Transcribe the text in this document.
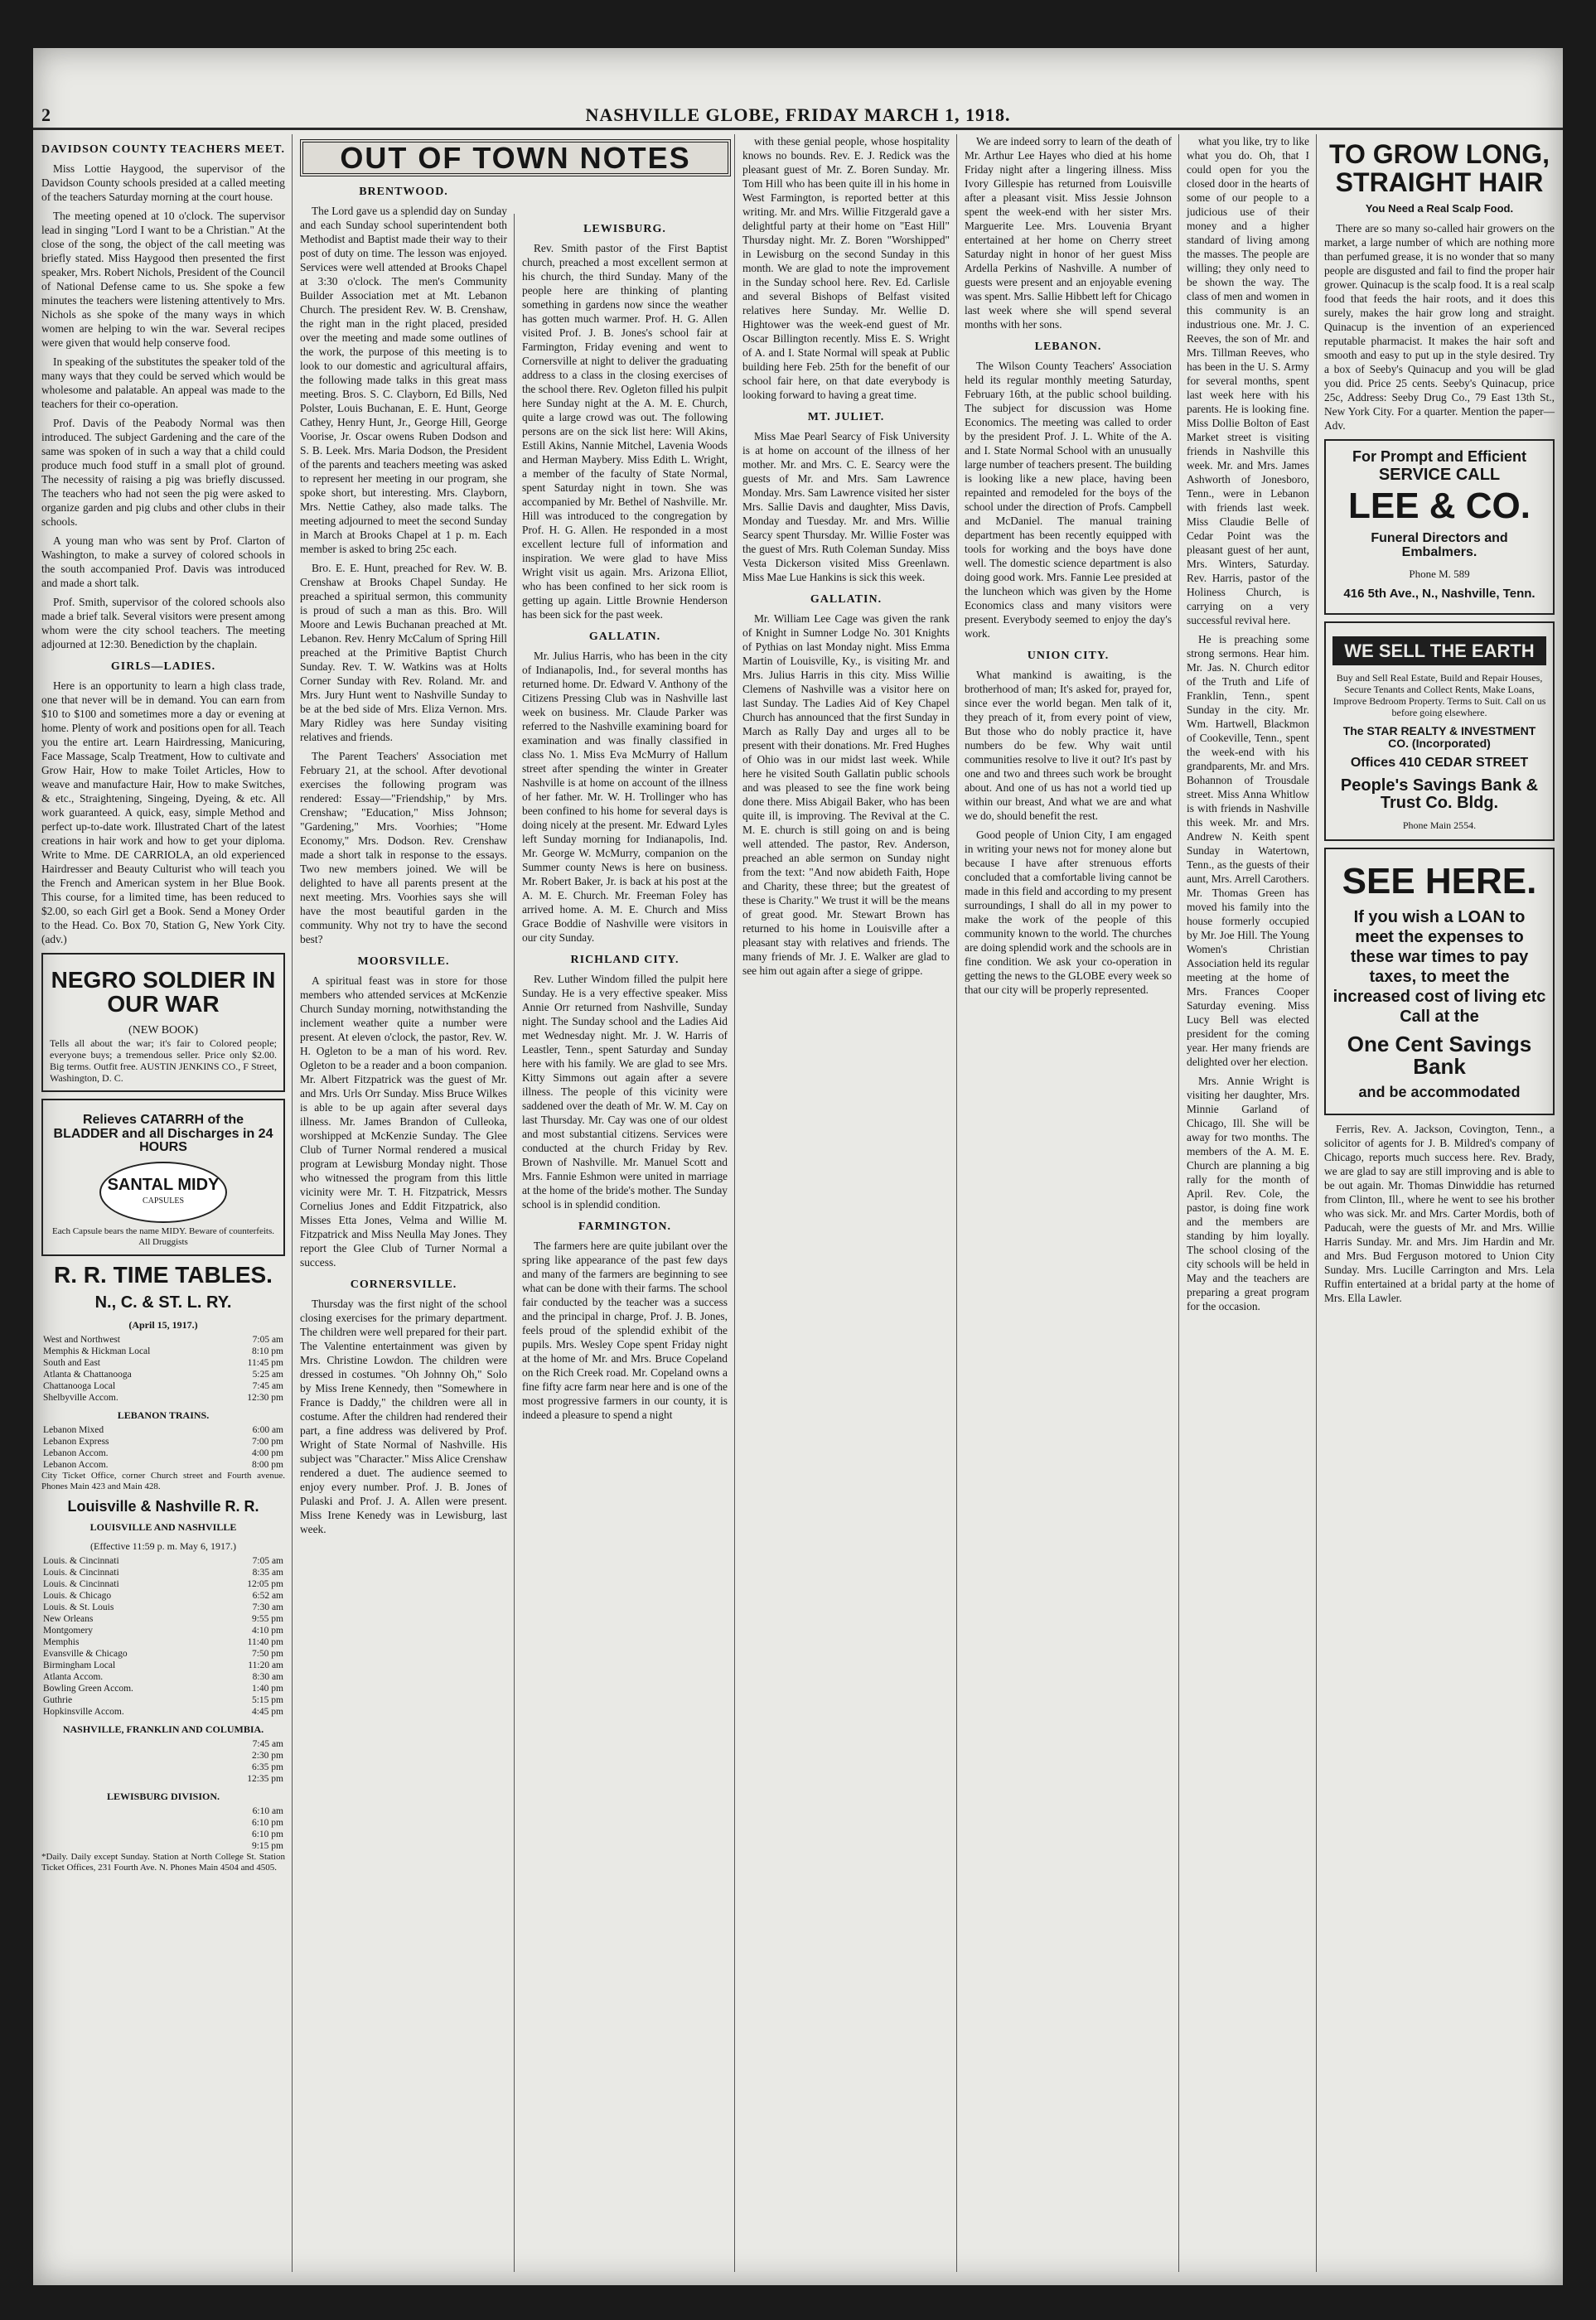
2	NASHVILLE GLOBE, FRIDAY MARCH 1, 1918.
DAVIDSON COUNTY TEACHERS MEET.

Miss Lottie Haygood, the supervisor of the Davidson County schools presided at a called meeting of the teachers Saturday morning at the court house.

The meeting opened at 10 o'clock. The supervisor lead in singing "Lord I want to be a Christian." At the close of the song, the object of the call meeting was briefly stated. Miss Haygood then presented the first speaker, Mrs. Robert Nichols, President of the Council of National Defense came to us. She spoke a few minutes the teachers were listening attentively to Mrs. Nichols as she spoke of the many ways in which women are helping to win the war. Several recipes were given that would help conserve food.

In speaking of the substitutes the speaker told of the many ways that they could be served which would be wholesome and palatable. An appeal was made to the teachers for their co-operation.

Prof. Davis of the Peabody Normal was then introduced. The subject Gardening and the care of the same was spoken of in such a way that a child could produce much food stuff in a small plot of ground. The necessity of raising a pig was briefly discussed. The teachers who had not seen the pig were asked to organize garden and pig clubs and other clubs in their schools.

A young man who was sent by Prof. Clarton of Washington, to make a survey of colored schools in the south accompanied Prof. Davis was introduced and made a short talk.

Prof. Smith, supervisor of the colored schools also made a brief talk. Several visitors were present among whom were the city school teachers. The meeting adjourned at 12:30. Benediction by the chaplain.

GIRLS—LADIES.

Here is an opportunity to learn a high class trade, one that never will be in demand. You can earn from $10 to $100 and sometimes more a day or evening at home. Plenty of work and positions open for all. Teach you the entire art. Learn Hairdressing, Manicuring, Face Massage, Scalp Treatment, How to cultivate and Grow Hair, How to make Toilet Articles, How to weave and manufacture Hair, How to make Switches, & etc., Straightening, Singeing, Dyeing, & etc. All work guaranteed. A quick, easy, simple Method and perfect up-to-date work. Illustrated Chart of the latest creations in hair work and how to get your diploma. Write to Mme. DE CARRIOLA, an old experienced Hairdresser and Beauty Culturist who will teach you the French and American system in her Blue Book. This course, for a limited time, has been reduced to $2.00, so each Girl get a Book. Send a Money Order to the Head. Co. Box 70, Station G, New York City. (adv.)

NEGRO SOLDIER IN OUR WAR
(NEW BOOK)
Tells all about the war; it's fair to Colored people; everyone buys; a tremendous seller. Price only $2.00. Big terms. Outfit free. AUSTIN JENKINS CO., F Street, Washington, D. C.
Relieves CATARRH of the BLADDER and all Discharges in 24 HOURS
SANTAL MIDY
CAPSULES
Each Capsule bears the name MIDY. Beware of counterfeits. All Druggists
R. R. TIME TABLES.
N., C. & ST. L. RY.
(April 15, 1917.)
West and Northwest	7:05 am
Memphis & Hickman Local	8:10 pm
South and East	11:45 pm
Atlanta & Chattanooga	5:25 am
Chattanooga Local	7:45 am
Shelbyville Accom.	12:30 pm
LEBANON TRAINS.
Lebanon Mixed	6:00 am
Lebanon Express	7:00 pm
Lebanon Accom.	4:00 pm
Lebanon Accom.	8:00 pm
City Ticket Office, corner Church street and Fourth avenue. Phones Main 423 and Main 428.
Louisville & Nashville R. R.
LOUISVILLE AND NASHVILLE
(Effective 11:59 p. m. May 6, 1917.)
Louis. & Cincinnati	7:05 am
Louis. & Cincinnati	8:35 am
Louis. & Cincinnati	12:05 pm
Louis. & Chicago	6:52 am
Louis. & St. Louis	7:30 am
New Orleans	9:55 pm
Montgomery	4:10 pm
Memphis	11:40 pm
Evansville & Chicago	7:50 pm
Birmingham Local	11:20 am
Atlanta Accom.	8:30 am
Bowling Green Accom.	1:40 pm
Guthrie	5:15 pm
Hopkinsville Accom.	4:45 pm
NASHVILLE, FRANKLIN AND COLUMBIA.
	7:45 am
	2:30 pm
	6:35 pm
	12:35 pm
LEWISBURG DIVISION.
	6:10 am
	6:10 pm
	6:10 pm
	9:15 pm
*Daily. Daily except Sunday. Station at North College St. Station Ticket Offices, 231 Fourth Ave. N. Phones Main 4504 and 4505.
OUT OF TOWN NOTES
BRENTWOOD.

The Lord gave us a splendid day on Sunday and each Sunday school superintendent both Methodist and Baptist made their way to their post of duty on time. The lesson was enjoyed. Services were well attended at Brooks Chapel at 3:30 o'clock. The men's Community Builder Association met at Mt. Lebanon Church. The president Rev. W. B. Crenshaw, the right man in the right placed, presided over the meeting and made some outlines of the work, the purpose of this meeting is to look to our domestic and agricultural affairs, the following made talks in this great mass meeting. Bros. S. C. Clayborn, Ed Bills, Ned Polster, Louis Buchanan, E. E. Hunt, George Cathey, Henry Hunt, Jr., George Hill, George Voorise, Jr. Oscar owens Ruben Dodson and S. B. Leek. Mrs. Maria Dodson, the President of the parents and teachers meeting was asked to represent her meeting in our program, she spoke short, but interesting. Mrs. Clayborn, Mrs. Nettie Cathey, also made talks. The meeting adjourned to meet the second Sunday in March at Brooks Chapel at 1 p. m. Each member is asked to bring 25c each.

Bro. E. E. Hunt, preached for Rev. W. B. Crenshaw at Brooks Chapel Sunday. He preached a spiritual sermon, this community is proud of such a man as this. Bro. Will Moore and Lewis Buchanan preached at Mt. Lebanon. Rev. Henry McCalum of Spring Hill preached at the Primitive Baptist Church Sunday. Rev. T. W. Watkins was at Holts Corner Sunday with Rev. Roland. Mr. and Mrs. Jury Hunt went to Nashville Sunday to be at the bed side of Mrs. Eliza Vernon. Mrs. Mary Ridley was here Sunday visiting relatives and friends.

The Parent Teachers' Association met February 21, at the school. After devotional exercises the following program was rendered: Essay—"Friendship," by Mrs. Crenshaw; "Education," Miss Johnson; "Gardening," Mrs. Voorhies; "Home Economy," Mrs. Dodson. Rev. Crenshaw made a short talk in response to the essays. Two new members joined. We will be delighted to have all parents present at the next meeting. Mrs. Voorhies says she will have the most beautiful garden in the community. Why not try to have the second best?

MOORSVILLE.

A spiritual feast was in store for those members who attended services at McKenzie Church Sunday morning, notwithstanding the inclement weather quite a number were present. At eleven o'clock, the pastor, Rev. W. H. Ogleton to be a man of his word. Rev. Ogleton to be a reader and a boon companion. Mr. Albert Fitzpatrick was the guest of Mr. and Mrs. Urls Orr Sunday. Miss Bruce Wilkes is able to be up again after several days illness. Mr. James Brandon of Culleoka, worshipped at McKenzie Sunday. The Glee Club of Turner Normal rendered a musical program at Lewisburg Monday night. Those who witnessed the program from this little vicinity were Mr. T. H. Fitzpatrick, Messrs Cornelius Jones and Eddit Fitzpatrick, also Misses Etta Jones, Velma and Willie M. Fitzpatrick and Miss Neulla May Jones. They report the Glee Club of Turner Normal a success.

CORNERSVILLE.

Thursday was the first night of the school closing exercises for the primary department. The children were well prepared for their part. The Valentine entertainment was given by Mrs. Christine Lowdon. The children were dressed in costumes. "Oh Johnny Oh," Solo by Miss Irene Kennedy, then "Somewhere in France is Daddy," the children were all in costume. After the children had rendered their part, a fine address was delivered by Prof. Wright of State Normal of Nashville. His subject was "Character." Miss Alice Crenshaw rendered a duet. The audience seemed to enjoy every number. Prof. J. B. Jones of Pulaski and Prof. J. A. Allen were present. Miss Irene Kenedy was in Lewisburg, last week.

LEWISBURG.

Rev. Smith pastor of the First Baptist church, preached a most excellent sermon at his church, the third Sunday. Many of the people here are thinking of planting something in gardens now since the weather has gotten much warmer. Prof. H. G. Allen visited Prof. J. B. Jones's school fair at Farmington, Friday evening and went to Cornersville at night to deliver the graduating address to a class in the closing exercises of the school there. Rev. Ogleton filled his pulpit here Sunday night at the A. M. E. Church, quite a large crowd was out. The following persons are on the sick list here: Will Akins, Estill Akins, Nannie Mitchel, Lavenia Woods and Herman Maybery. Miss Edith L. Wright, a member of the faculty of State Normal, spent Saturday night in town. She was accompanied by Mr. Bethel of Nashville. Mr. Hill was introduced to the congregation by Prof. H. G. Allen. He responded in a most excellent lecture full of information and inspiration. We were glad to have Miss Wright visit us again. Mrs. Arizona Elliot, who has been confined to her sick room is getting up again. Little Brownie Henderson has been sick for the past week.

GALLATIN.

Mr. Julius Harris, who has been in the city of Indianapolis, Ind., for several months has returned home. Dr. Edward V. Anthony of the Citizens Pressing Club was in Nashville last week on business. Mr. Claude Parker was referred to the Nashville examining board for examination and was finally classified in class No. 1. Miss Eva McMurry of Hallum street after spending the winter in Greater Nashville is at home on account of the illness of her father. Mr. W. H. Trollinger who has been confined to his home for several days is doing nicely at the present. Mr. Edward Lyles left Sunday morning for Indianapolis, Ind. Mr. George W. McMurry, companion on the Summer county News is here on business. Mr. Robert Baker, Jr. is back at his post at the A. M. E. Church. Mr. Freeman Foley has arrived home. A. M. E. Church and Miss Grace Boddie of Nashville were visitors in our city Sunday.

RICHLAND CITY.

Rev. Luther Windom filled the pulpit here Sunday. He is a very effective speaker. Miss Annie Orr returned from Nashville, Sunday night. The Sunday school and the Ladies Aid met Wednesday night. Mr. J. W. Harris of Leastler, Tenn., spent Saturday and Sunday here with his family. We are glad to see Mrs. Kitty Simmons out again after a severe illness. The people of this vicinity were saddened over the death of Mr. W. M. Cay on last Thursday. Mr. Cay was one of our oldest and most substantial citizens. Services were conducted at the church Friday by Rev. Brown of Nashville. Mr. Manuel Scott and Mrs. Fannie Eshmon were united in marriage at the home of the bride's mother. The Sunday school is in splendid condition.

FARMINGTON.

The farmers here are quite jubilant over the spring like appearance of the past few days and many of the farmers are beginning to see what can be done with their farms. The school fair conducted by the teacher was a success and the principal in charge, Prof. J. B. Jones, feels proud of the splendid exhibit of the pupils. Mrs. Wesley Cope spent Friday night at the home of Mr. and Mrs. Bruce Copeland on the Rich Creek road. Mr. Copeland owns a fine fifty acre farm near here and is one of the most progressive farmers in our county, it is indeed a pleasure to spend a night

with these genial people, whose hospitality knows no bounds. Rev. E. J. Redick was the pleasant guest of Mr. Z. Boren Sunday. Mr. Tom Hill who has been quite ill in his home in West Farmington, is reported better at this writing. Mr. and Mrs. Willie Fitzgerald gave a delightful party at their home on "East Hill" Thursday night. Mr. Z. Boren "Worshipped" in Lewisburg on the second Sunday in this month. We are glad to note the improvement in the Sunday school here. Rev. Ed. Carlisle and several Bishops of Belfast visited relatives here Sunday. Mr. Wellie D. Hightower was the week-end guest of Mr. Oscar Billington recently. Miss E. S. Wright of A. and I. State Normal will speak at Public building here Feb. 25th for the benefit of our school fair here, on that date everybody is looking forward to having a great time.

MT. JULIET.

Miss Mae Pearl Searcy of Fisk University is at home on account of the illness of her mother. Mr. and Mrs. C. E. Searcy were the guests of Mr. and Mrs. Sam Lawrence Monday. Mrs. Sam Lawrence visited her sister Mrs. Sallie Davis and daughter, Miss Davis, Monday and Tuesday. Mr. and Mrs. Willie Searcy spent Thursday. Mr. Willie Foster was the guest of Mrs. Ruth Coleman Sunday. Miss Vesta Dickerson visited Miss Greenlawn. Miss Mae Lue Hankins is sick this week.

GALLATIN.

Mr. William Lee Cage was given the rank of Knight in Sumner Lodge No. 301 Knights of Pythias on last Monday night. Miss Emma Martin of Louisville, Ky., is visiting Mr. and Mrs. Julius Harris in this city. Miss Willie Clemens of Nashville was a visitor here on last Sunday. The Ladies Aid of Key Chapel Church has announced that the first Sunday in March as Rally Day and urges all to be present with their donations. Mr. Fred Hughes of Ohio was in our midst last week. While here he visited South Gallatin public schools and was pleased to see the fine work being done there. Miss Abigail Baker, who has been quite ill, is improving. The Revival at the C. M. E. church is still going on and is being well attended. The pastor, Rev. Anderson, preached an able sermon on Sunday night from the text: "And now abideth Faith, Hope and Charity, these three; but the greatest of these is Charity." We trust it will be the means of great good. Mr. Stewart Brown has returned to his home in Louisville after a pleasant stay with relatives and friends. The many friends of Mr. J. E. Walker are glad to see him out again after a siege of grippe.

We are indeed sorry to learn of the death of Mr. Arthur Lee Hayes who died at his home Friday night after a lingering illness. Miss Ivory Gillespie has returned from Louisville after a pleasant visit. Miss Jessie Johnson spent the week-end with her sister Mrs. Marguerite Lee. Mrs. Louvenia Bryant entertained at her home on Cherry street Saturday night in honor of her guest Miss Ardella Perkins of Nashville. A number of guests were present and an enjoyable evening was spent. Mrs. Sallie Hibbett left for Chicago last week where she will spend several months with her sons.

LEBANON.

The Wilson County Teachers' Association held its regular monthly meeting Saturday, February 16th, at the public school building. The subject for discussion was Home Economics. The meeting was called to order by the president Prof. J. L. White of the A. and I. State Normal School with an unusually large number of teachers present. The building is looking like a new place, having been repainted and remodeled for the boys of the school under the direction of Profs. Campbell and McDaniel. The manual training department has been recently equipped with tools for working and the boys have done well. The domestic science department is also doing good work. Mrs. Fannie Lee presided at the luncheon which was given by the Home Economics class and many visitors were present. Everybody seemed to enjoy the day's work.

UNION CITY.

What mankind is awaiting, is the brotherhood of man; It's asked for, prayed for, since ever the world began. Men talk of it, they preach of it, from every point of view, But those who do nobly practice it, have numbers do be few. Why wait until communities resolve to live it out? It's past by one and two and threes such work be brought about. And one of us has not a world tied up within our breast, And what we are and what we do, should benefit the rest.

Good people of Union City, I am engaged in writing your news not for money alone but because I have after strenuous efforts concluded that a comfortable living cannot be made in this field and according to my present surroundings, I shall do all in my power to make the work of the people of this community known to the world. The churches are doing splendid work and the schools are in fine condition. We ask your co-operation in getting the news to the GLOBE every week so that our city will be properly represented.

what you like, try to like what you do. Oh, that I could open for you the closed door in the hearts of some of our people to a judicious use of their money and a higher standard of living among the masses. The people are willing; they only need to be shown the way. The class of men and women in this community is an industrious one. Mr. J. C. Reeves, the son of Mr. and Mrs. Tillman Reeves, who has been in the U. S. Army for several months, spent last week here with his parents. He is looking fine. Miss Dollie Bolton of East Market street is visiting friends in Nashville this week. Mr. and Mrs. James Ashworth of Jonesboro, Tenn., were in Lebanon with friends last week. Miss Claudie Belle of Cedar Point was the pleasant guest of her aunt, Mrs. Winters, Saturday. Rev. Harris, pastor of the Holiness Church, is carrying on a very successful revival here.

He is preaching some strong sermons. Hear him. Mr. Jas. N. Church editor of the Truth and Life of Franklin, Tenn., spent Sunday in the city. Mr. Wm. Hartwell, Blackmon of Cookeville, Tenn., spent the week-end with his grandparents, Mr. and Mrs. Bohannon of Trousdale street. Miss Anna Whitlow is with friends in Nashville this week. Mr. and Mrs. Andrew N. Keith spent Sunday in Watertown, Tenn., as the guests of their aunt, Mrs. Arrell Carothers. Mr. Thomas Green has moved his family into the house formerly occupied by Mr. Joe Hill. The Young Women's Christian Association held its regular meeting at the home of Mrs. Frances Cooper Saturday evening. Miss Lucy Bell was elected president for the coming year. Her many friends are delighted over her election.

Mrs. Annie Wright is visiting her daughter, Mrs. Minnie Garland of Chicago, Ill. She will be away for two months. The members of the A. M. E. Church are planning a big rally for the month of April. Rev. Cole, the pastor, is doing fine work and the members are standing by him loyally. The school closing of the city schools will be held in May and the teachers are preparing a great program for the occasion.

TO GROW LONG,
STRAIGHT HAIR
You Need a Real Scalp Food.

There are so many so-called hair growers on the market, a large number of which are nothing more than perfumed grease, it is no wonder that so many people are disgusted and fail to find the proper hair grower. Quinacup is the scalp food. It is a real scalp food that feeds the hair roots, and it does this surely, makes the hair grow long and straight. Quinacup is the invention of an experienced reputable pharmacist. It makes the hair soft and smooth and easy to put up in the style desired. Try a box of Seeby's Quinacup and you will be glad you did. Price 25 cents. Seeby's Quinacup, price 25c, Address: Seeby Drug Co., 79 East 13th St., New York City. For a quarter. Mention the paper—Adv.

For Prompt and Efficient
SERVICE CALL
LEE & CO.
Funeral Directors and Embalmers.
Phone M. 589
416 5th Ave., N., Nashville, Tenn.
WE SELL THE EARTH
Buy and Sell Real Estate, Build and Repair Houses, Secure Tenants and Collect Rents, Make Loans, Improve Bedroom Property. Terms to Suit. Call on us before going elsewhere.
The STAR REALTY & INVESTMENT CO. (Incorporated)
Offices 410 CEDAR STREET
People's Savings Bank & Trust Co. Bldg.
Phone Main 2554.
SEE HERE.
If you wish a LOAN to meet the expenses to these war times to pay taxes, to meet the increased cost of living etc Call at the
One Cent Savings Bank
and be accommodated

Ferris, Rev. A. Jackson, Covington, Tenn., a solicitor of agents for J. B. Mildred's company of Chicago, reports much success here. Rev. Brady, we are glad to say are still improving and is able to be out again. Mr. Thomas Dinwiddie has returned from Clinton, Ill., where he went to see his brother who was sick. Mr. and Mrs. Carter Mordis, both of Paducah, were the guests of Mr. and Mrs. Willie Harris Sunday. Mr. and Mrs. Jim Hardin and Mr. and Mrs. Bud Ferguson motored to Union City Sunday. Mrs. Lucille Carrington and Mrs. Lela Ruffin entertained at a bridal party at the home of Mrs. Ella Lawler.
